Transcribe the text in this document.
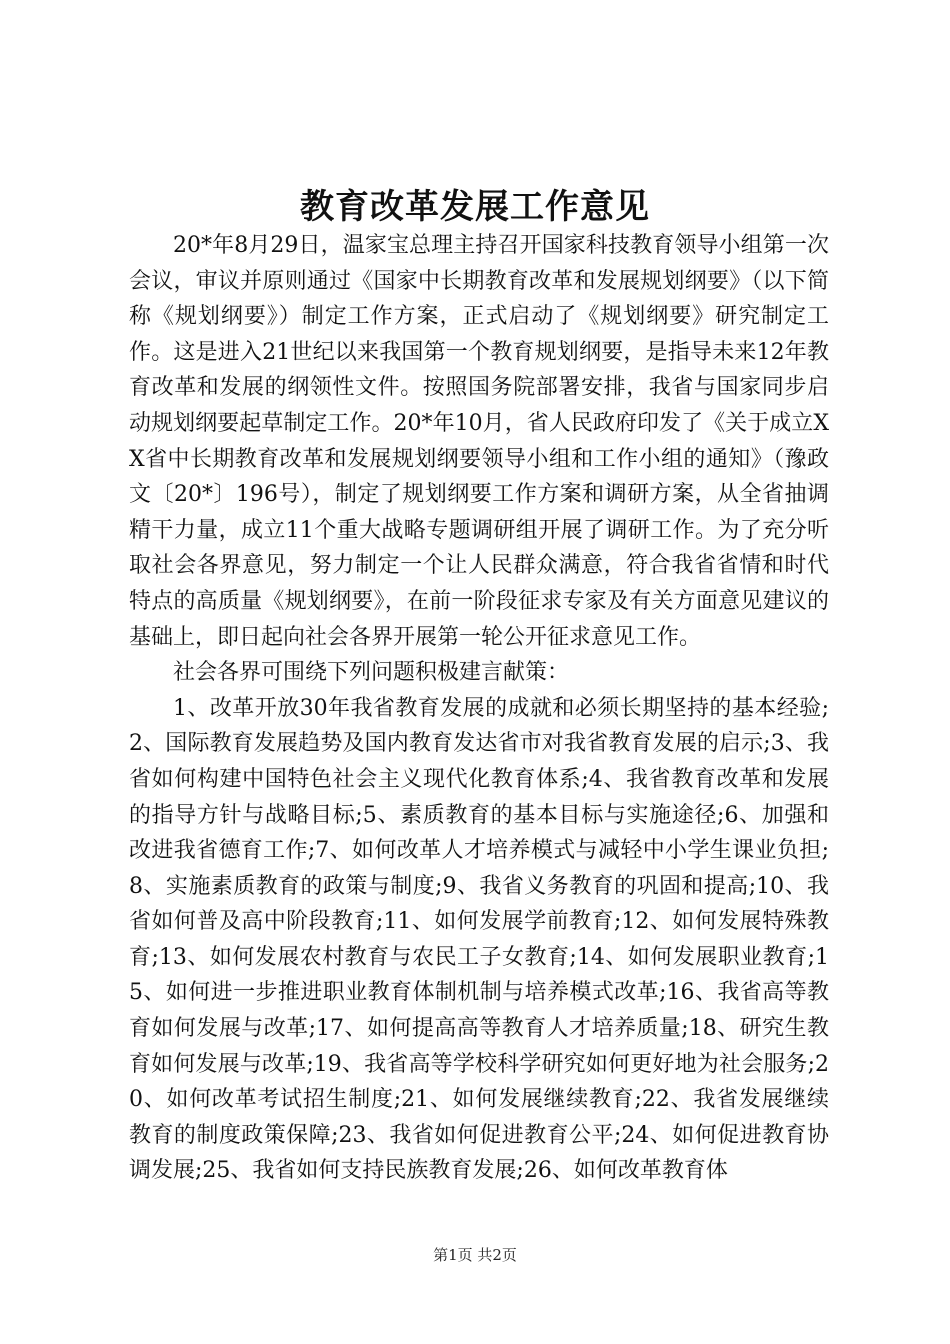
教育改革发展工作意见

20*年8月29日，温家宝总理主持召开国家科技教育领导小组第一次会议，审议并原则通过《国家中长期教育改革和发展规划纲要》（以下简称《规划纲要》）制定工作方案，正式启动了《规划纲要》研究制定工作。这是进入21世纪以来我国第一个教育规划纲要，是指导未来12年教育改革和发展的纲领性文件。按照国务院部署安排，我省与国家同步启动规划纲要起草制定工作。20*年10月，省人民政府印发了《关于成立XX省中长期教育改革和发展规划纲要领导小组和工作小组的通知》（豫政文〔20*〕196号），制定了规划纲要工作方案和调研方案，从全省抽调精干力量，成立11个重大战略专题调研组开展了调研工作。为了充分听取社会各界意见，努力制定一个让人民群众满意，符合我省省情和时代特点的高质量《规划纲要》，在前一阶段征求专家及有关方面意见建议的基础上，即日起向社会各界开展第一轮公开征求意见工作。

社会各界可围绕下列问题积极建言献策：

1、改革开放30年我省教育发展的成就和必须长期坚持的基本经验;2、国际教育发展趋势及国内教育发达省市对我省教育发展的启示;3、我省如何构建中国特色社会主义现代化教育体系;4、我省教育改革和发展的指导方针与战略目标;5、素质教育的基本目标与实施途径;6、加强和改进我省德育工作;7、如何改革人才培养模式与减轻中小学生课业负担;8、实施素质教育的政策与制度;9、我省义务教育的巩固和提高;10、我省如何普及高中阶段教育;11、如何发展学前教育;12、如何发展特殊教育;13、如何发展农村教育与农民工子女教育;14、如何发展职业教育;15、如何进一步推进职业教育体制机制与培养模式改革;16、我省高等教育如何发展与改革;17、如何提高高等教育人才培养质量;18、研究生教育如何发展与改革;19、我省高等学校科学研究如何更好地为社会服务;20、如何改革考试招生制度;21、如何发展继续教育;22、我省发展继续教育的制度政策保障;23、我省如何促进教育公平;24、如何促进教育协调发展;25、我省如何支持民族教育发展;26、如何改革教育体

第1页 共2页
